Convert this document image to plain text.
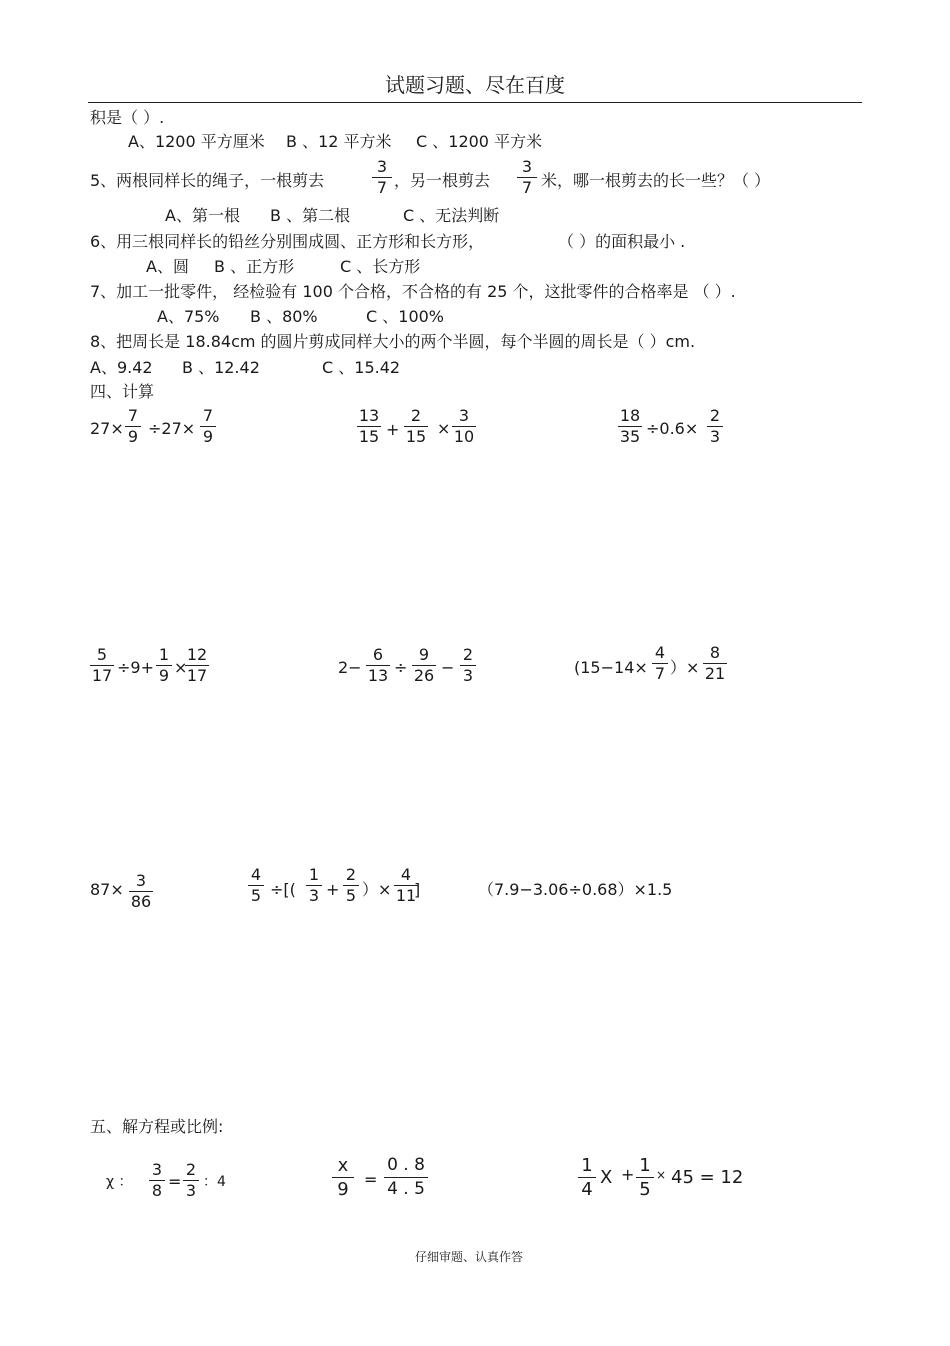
试题习题、尽在百度
积是（ ）.
A、1200 平方厘米 B 、12 平方米 C 、1200 平方米
5、两根同样长的绳子，一根剪去
3
7 ，另一根剪去
3
7 米，哪一根剪去的长一些？（ ）
A、第一根 B 、第二根	C 、无法判断
6、用三根同样长的铅丝分别围成圆、正方形和长方形，	（ ）的面积最小 .
A、圆 B 、正方形	C 、长方形
7、加工一批零件， 经检验有 100 个合格，不合格的有 25 个，这批零件的合格率是 （ ）.
A、75% B 、80%	C 、100%
8、把周长是 18.84cm 的圆片剪成同样大小的两个半圆，每个半圆的周长是（ ）cm.
A、9.42 B 、12.42	C 、15.42
四、计算
27×
7
9 ÷27×
7
9
13
15 +
2
15 ×
3
10
18
35 ÷0.6×
2
3
5
17 ÷9+
1
9 ×
12
17	2−
6
13 ÷
9
26 −
2
3	(15−14×
4
7 ）×
8
21
87× 3
86
4
5 ÷[(
1
3 +
2
5 ）×
4
11
]	（7.9−3.06÷0.68）×1.5
五、解方程或比例:
χ ：
3
8 =
2
3 ：4
x
9 =
0 . 8
4 . 5
1
4
X + 1
5
× 45 = 12
仔细审题、认真作答
